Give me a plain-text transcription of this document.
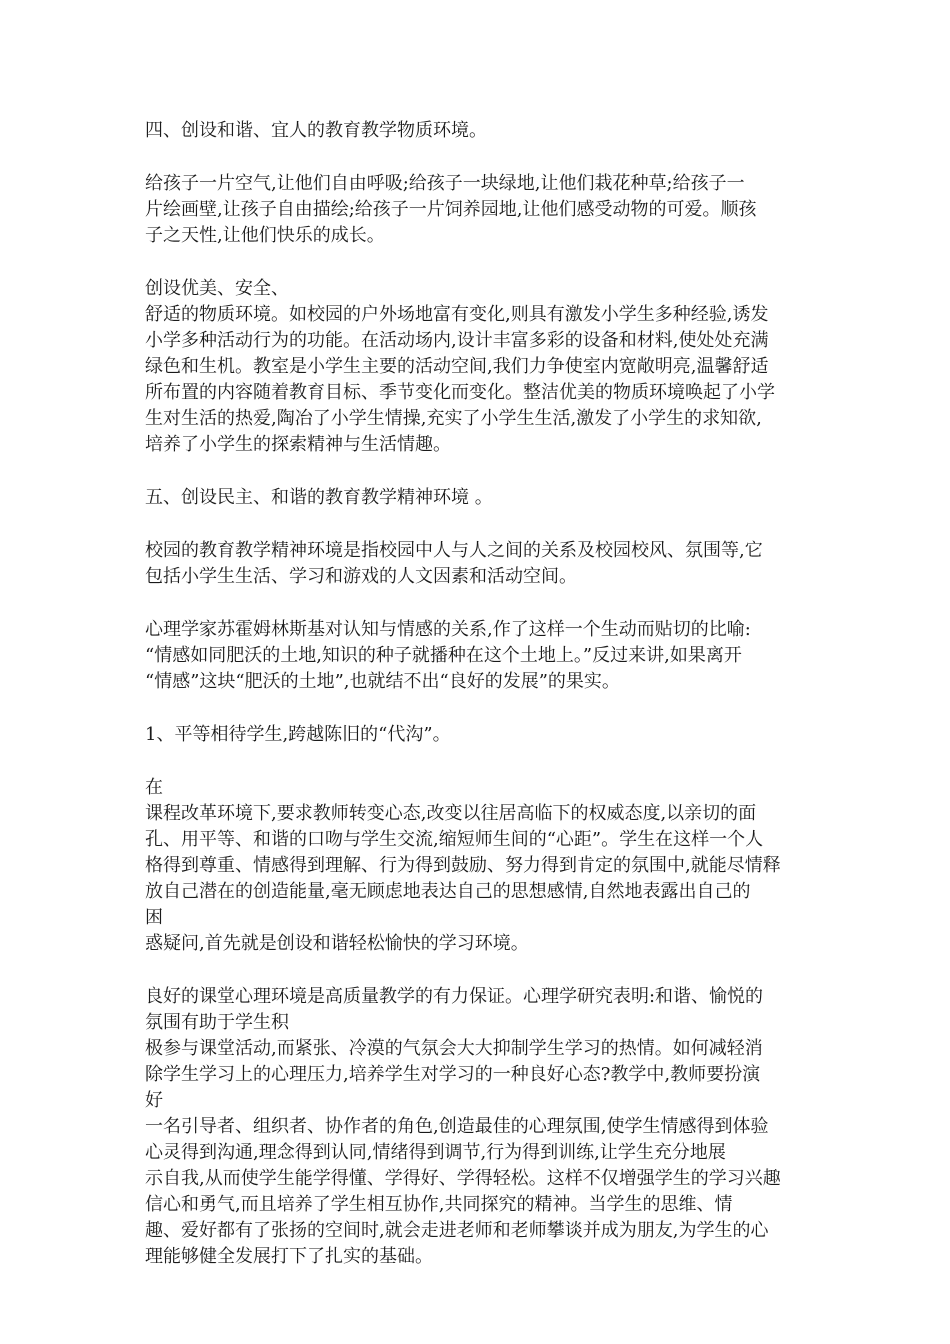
四、创设和谐、宜人的教育教学物质环境。
给孩子一片空气,让他们自由呼吸;给孩子一块绿地,让他们栽花种草;给孩子一
片绘画壁,让孩子自由描绘;给孩子一片饲养园地,让他们感受动物的可爱。顺孩
子之天性,让他们快乐的成长。
创设优美、安全、
舒适的物质环境。如校园的户外场地富有变化,则具有激发小学生多种经验,诱发
小学多种活动行为的功能。在活动场内,设计丰富多彩的设备和材料,使处处充满
绿色和生机。教室是小学生主要的活动空间,我们力争使室内宽敞明亮,温馨舒适
所布置的内容随着教育目标、季节变化而变化。整洁优美的物质环境唤起了小学
生对生活的热爱,陶冶了小学生情操,充实了小学生生活,激发了小学生的求知欲,
培养了小学生的探索精神与生活情趣。
五、创设民主、和谐的教育教学精神环境 。
校园的教育教学精神环境是指校园中人与人之间的关系及校园校风、氛围等,它
包括小学生生活、学习和游戏的人文因素和活动空间。
心理学家苏霍姆林斯基对认知与情感的关系,作了这样一个生动而贴切的比喻:
“情感如同肥沃的土地,知识的种子就播种在这个土地上。”反过来讲,如果离开
“情感”这块“肥沃的土地”,也就结不出“良好的发展”的果实。
1、平等相待学生,跨越陈旧的“代沟”。
在
课程改革环境下,要求教师转变心态,改变以往居高临下的权威态度,以亲切的面
孔、用平等、和谐的口吻与学生交流,缩短师生间的“心距”。学生在这样一个人
格得到尊重、情感得到理解、行为得到鼓励、努力得到肯定的氛围中,就能尽情释
放自己潜在的创造能量,毫无顾虑地表达自己的思想感情,自然地表露出自己的
困
惑疑问,首先就是创设和谐轻松愉快的学习环境。
良好的课堂心理环境是高质量教学的有力保证。心理学研究表明:和谐、愉悦的
氛围有助于学生积
极参与课堂活动,而紧张、冷漠的气氛会大大抑制学生学习的热情。如何减轻消
除学生学习上的心理压力,培养学生对学习的一种良好心态?教学中,教师要扮演
好
一名引导者、组织者、协作者的角色,创造最佳的心理氛围,使学生情感得到体验
心灵得到沟通,理念得到认同,情绪得到调节,行为得到训练,让学生充分地展
示自我,从而使学生能学得懂、学得好、学得轻松。这样不仅增强学生的学习兴趣
信心和勇气,而且培养了学生相互协作,共同探究的精神。当学生的思维、情
趣、爱好都有了张扬的空间时,就会走进老师和老师攀谈并成为朋友,为学生的心
理能够健全发展打下了扎实的基础。
